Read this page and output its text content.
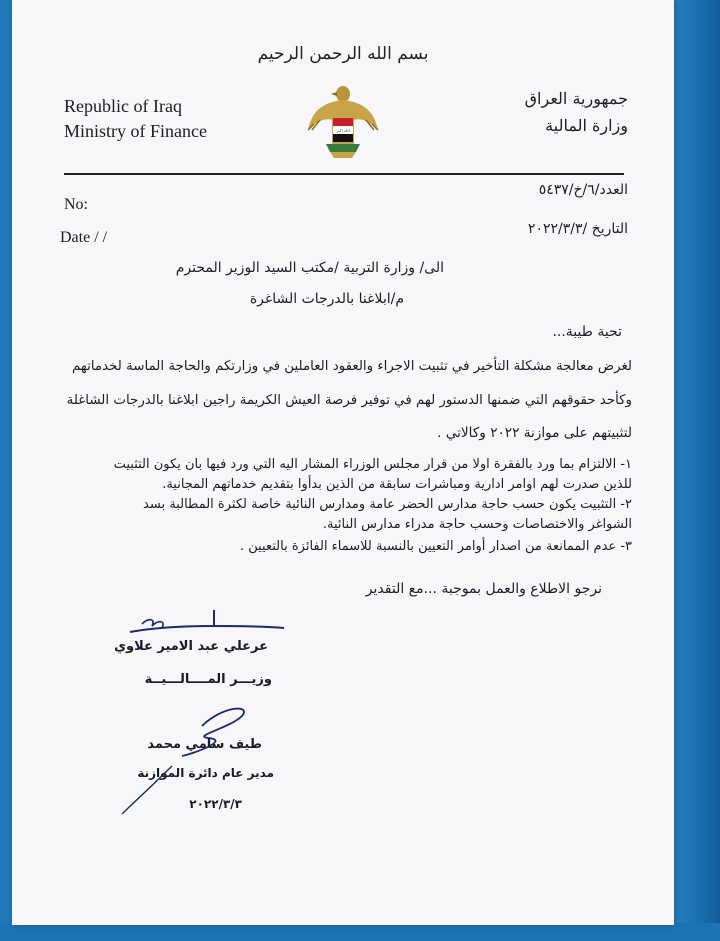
بسم الله الرحمن الرحيم
Republic of Iraq
Ministry of Finance
جمهورية العراق
وزارة المالية
الله اكبر
No:
Date / /
العدد/٦/خ/٥٤٣٧
التاريخ /٢٠٢٢/٣/٣
الى/ وزارة التربية /مكتب السيد الوزير المحترم
م/ابلاغنا بالدرجات الشاغرة
تحية طيبة...
لغرض معالجة مشكلة التأخير في تثبيت الاجراء والعقود العاملين في وزارتكم والحاجة الماسة لخدماتهم
وكأحد حقوقهم التي ضمنها الدستور لهم في توفير فرصة العيش الكريمة راجين ابلاغنا بالدرجات الشاغلة
لتثبيتهم على موازنة ٢٠٢٢ وكالاتي .
١- الالتزام بما ورد بالفقرة اولا من قرار مجلس الوزراء المشار اليه التي ورد فيها بان يكون التثبيت
للذين صدرت لهم اوامر ادارية ومباشرات سابقة من الذين بدأوا بتقديم خدماتهم المجانية.
٢- التثبيت يكون حسب حاجة مدارس الحضر عامة ومدارس النائية خاصة لكثرة المطالبة بسد
الشواغر والاختصاصات وحسب حاجة مدراء مدارس النائية.
٣- عدم الممانعة من اصدار أوامر التعيين بالنسبة للاسماء الفائزة بالتعيين .
نرجو الاطلاع والعمل بموجبة ...مع التقدير
عرعلي عبد الامير علاوي
وزيـــر المــــالـــيــة
طيف سامي محمد
مدير عام دائرة الموازنة
٢٠٢٢/٣/٣
